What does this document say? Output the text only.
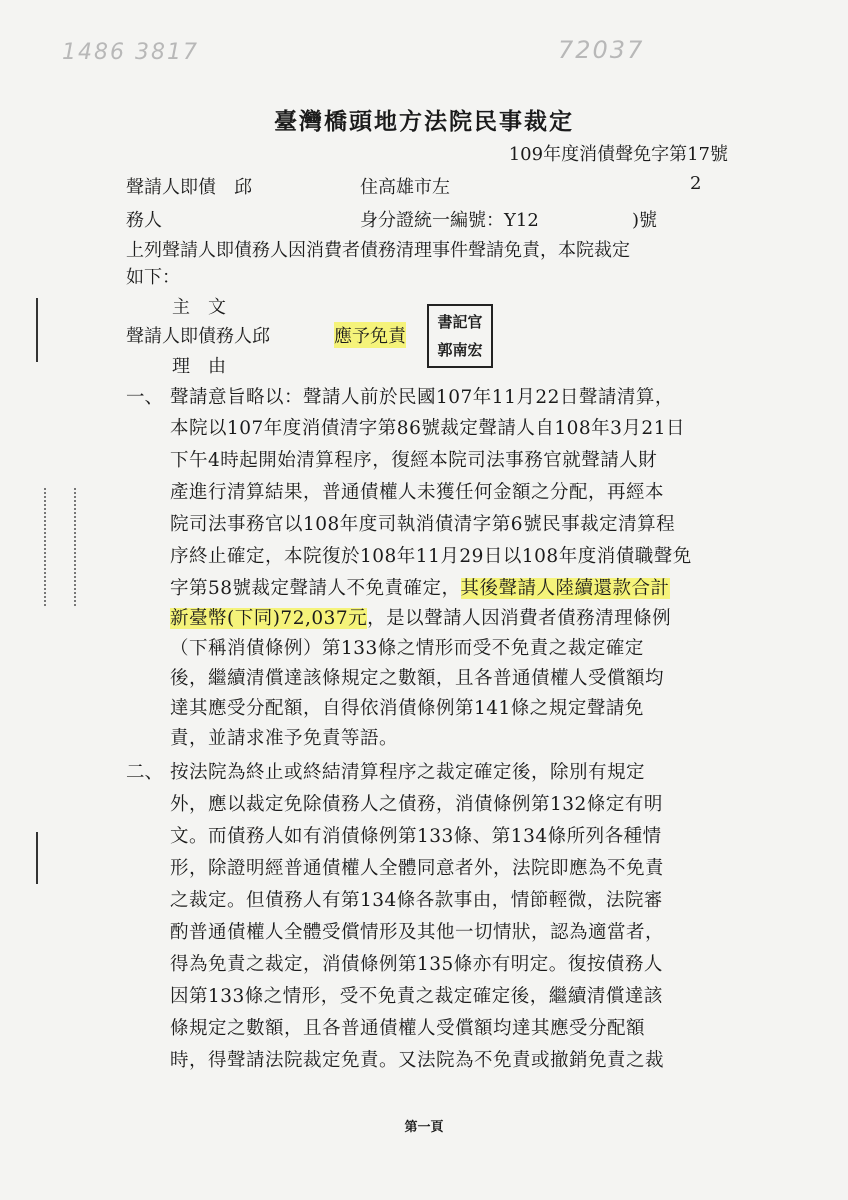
1486 3817	72037
臺灣橋頭地方法院民事裁定
109年度消債聲免字第17號
聲請人即債　邱	住高雄市左	2
務人	身分證統一編號：Y12	)號
上列聲請人即債務人因消費者債務清理事件聲請免責，本院裁定
如下：
主　文
聲請人即債務人邱	應予免責
書記官
郭南宏
理　由
一、 聲請意旨略以：聲請人前於民國107年11月22日聲請清算，
本院以107年度消債清字第86號裁定聲請人自108年3月21日
下午4時起開始清算程序，復經本院司法事務官就聲請人財
產進行清算結果，普通債權人未獲任何金額之分配，再經本
院司法事務官以108年度司執消債清字第6號民事裁定清算程
序終止確定，本院復於108年11月29日以108年度消債職聲免
字第58號裁定聲請人不免責確定，其後聲請人陸續還款合計
新臺幣(下同)72,037元，是以聲請人因消費者債務清理條例
（下稱消債條例）第133條之情形而受不免責之裁定確定
後，繼續清償達該條規定之數額，且各普通債權人受償額均
達其應受分配額，自得依消債條例第141條之規定聲請免
責，並請求准予免責等語。
二、 按法院為終止或終結清算程序之裁定確定後，除別有規定
外，應以裁定免除債務人之債務，消債條例第132條定有明
文。而債務人如有消債條例第133條、第134條所列各種情
形，除證明經普通債權人全體同意者外，法院即應為不免責
之裁定。但債務人有第134條各款事由，情節輕微，法院審
酌普通債權人全體受償情形及其他一切情狀，認為適當者，
得為免責之裁定，消債條例第135條亦有明定。復按債務人
因第133條之情形，受不免責之裁定確定後，繼續清償達該
條規定之數額，且各普通債權人受償額均達其應受分配額
時，得聲請法院裁定免責。又法院為不免責或撤銷免責之裁
第一頁
